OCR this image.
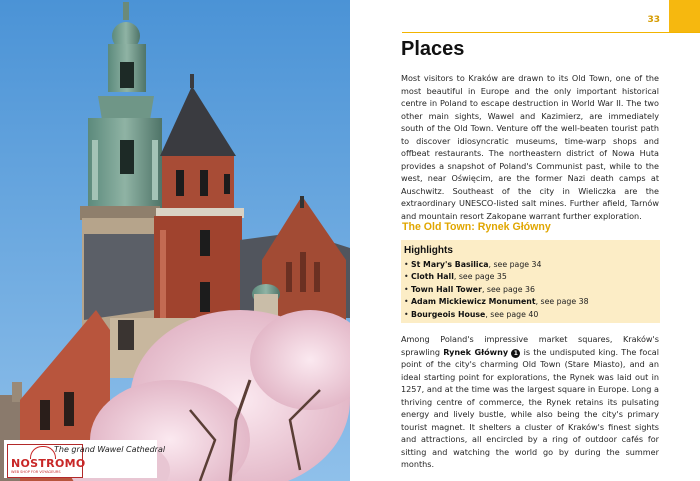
NOSTROMO
WEB SHOP FOR VOYAGEURS
The grand Wawel Cathedral
33
Places

Most visitors to Kraków are drawn to its Old Town, one of the most beautiful in Europe and the only important historical centre in Poland to escape destruction in World War II. The two other main sights, Wawel and Kazimierz, are immediately south of the Old Town. Venture off the well-beaten tourist path to discover idiosyncratic museums, time-warp shops and offbeat restaurants. The northeastern district of Nowa Huta provides a snapshot of Poland's Communist past, while to the west, near Oświęcim, are the former Nazi death camps at Auschwitz. Southeast of the city in Wieliczka are the extraordinary UNESCO-listed salt mines. Further afield, Tarnów and mountain resort Zakopane warrant further exploration.

The Old Town: Rynek Główny
Highlights
• St Mary's Basilica, see page 34
• Cloth Hall, see page 35
• Town Hall Tower, see page 36
• Adam Mickiewicz Monument, see page 38
• Bourgeois House, see page 40

Among Poland's impressive market squares, Kraków's sprawling Rynek Główny 1 is the undisputed king. The focal point of the city's charming Old Town (Stare Miasto), and an ideal starting point for explorations, the Rynek was laid out in 1257, and at the time was the largest square in Europe. Long a thriving centre of commerce, the Rynek retains its pulsating energy and lively bustle, while also being the city's primary tourist magnet. It shelters a cluster of Kraków's finest sights and attractions, all encircled by a ring of outdoor cafés for sitting and watching the world go by during the summer months.
